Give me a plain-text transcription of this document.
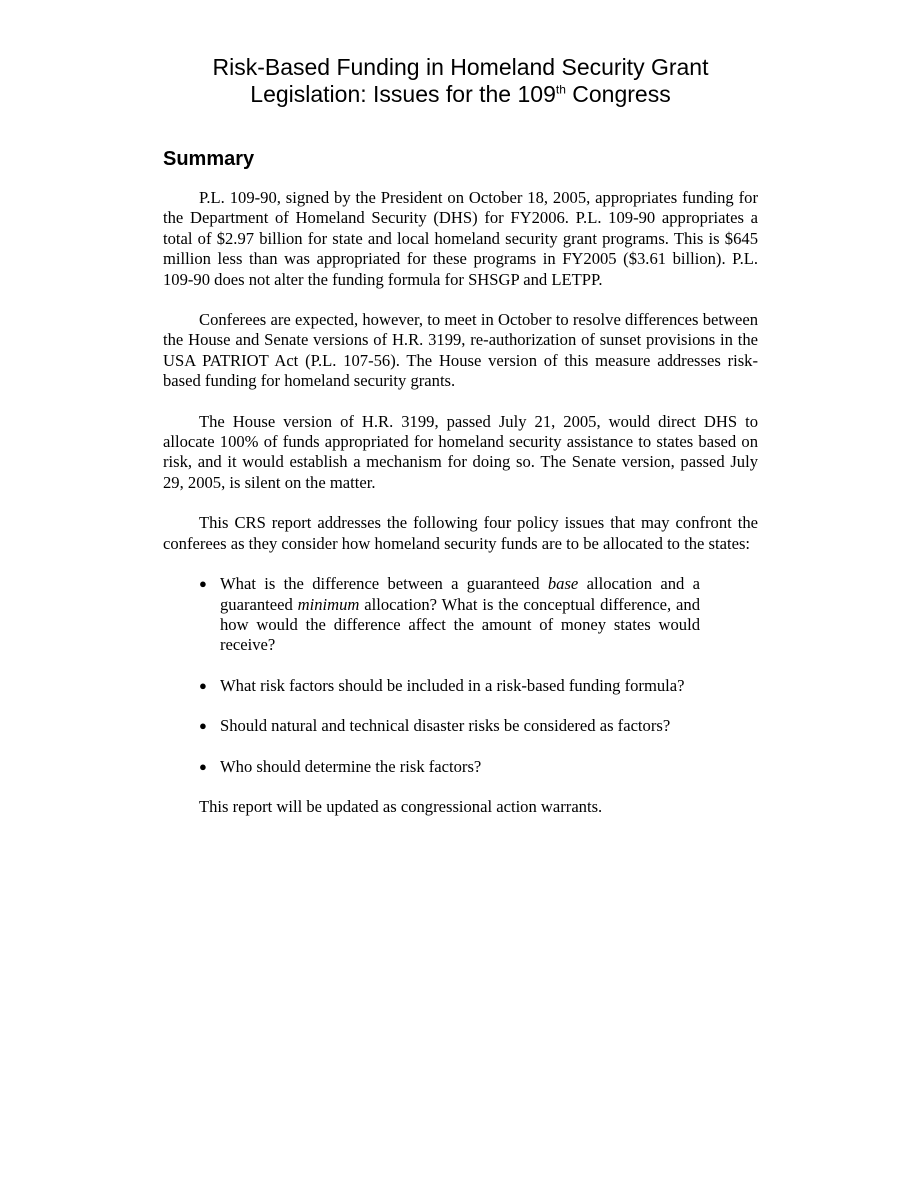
Risk-Based Funding in Homeland Security Grant
Legislation: Issues for the 109th Congress
Summary

P.L. 109-90, signed by the President on October 18, 2005, appropriates funding for the Department of Homeland Security (DHS) for FY2006. P.L. 109-90 appropriates a total of $2.97 billion for state and local homeland security grant programs. This is $645 million less than was appropriated for these programs in FY2005 ($3.61 billion). P.L. 109-90 does not alter the funding formula for SHSGP and LETPP.

Conferees are expected, however, to meet in October to resolve differences between the House and Senate versions of H.R. 3199, re-authorization of sunset provisions in the USA PATRIOT Act (P.L. 107-56). The House version of this measure addresses risk-based funding for homeland security grants.

The House version of H.R. 3199, passed July 21, 2005, would direct DHS to allocate 100% of funds appropriated for homeland security assistance to states based on risk, and it would establish a mechanism for doing so. The Senate version, passed July 29, 2005, is silent on the matter.

This CRS report addresses the following four policy issues that may confront the conferees as they consider how homeland security funds are to be allocated to the states:

● What is the difference between a guaranteed base allocation and a guaranteed minimum allocation? What is the conceptual difference, and how would the difference affect the amount of money states would receive?
● What risk factors should be included in a risk-based funding formula?
● Should natural and technical disaster risks be considered as factors?
● Who should determine the risk factors?

This report will be updated as congressional action warrants.
